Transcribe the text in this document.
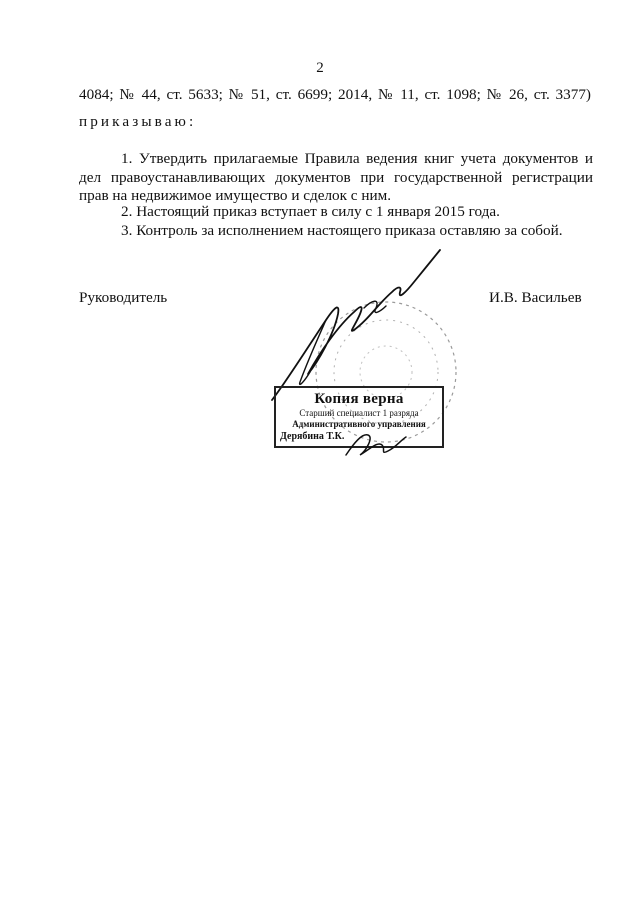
2
4084; № 44, ст. 5633; № 51, ст. 6699; 2014, № 11, ст. 1098; № 26, ст. 3377)
приказываю:
1. Утвердить прилагаемые Правила ведения книг учета документов и дел правоустанавливающих документов при государственной регистрации прав на недвижимое имущество и сделок с ним.
2. Настоящий приказ вступает в силу с 1 января 2015 года.
3. Контроль за исполнением настоящего приказа оставляю за собой.
Руководитель	И.В. Васильев
Копия верна
Старший специалист 1 разряда
Административного управления
Дерябина Т.К.
